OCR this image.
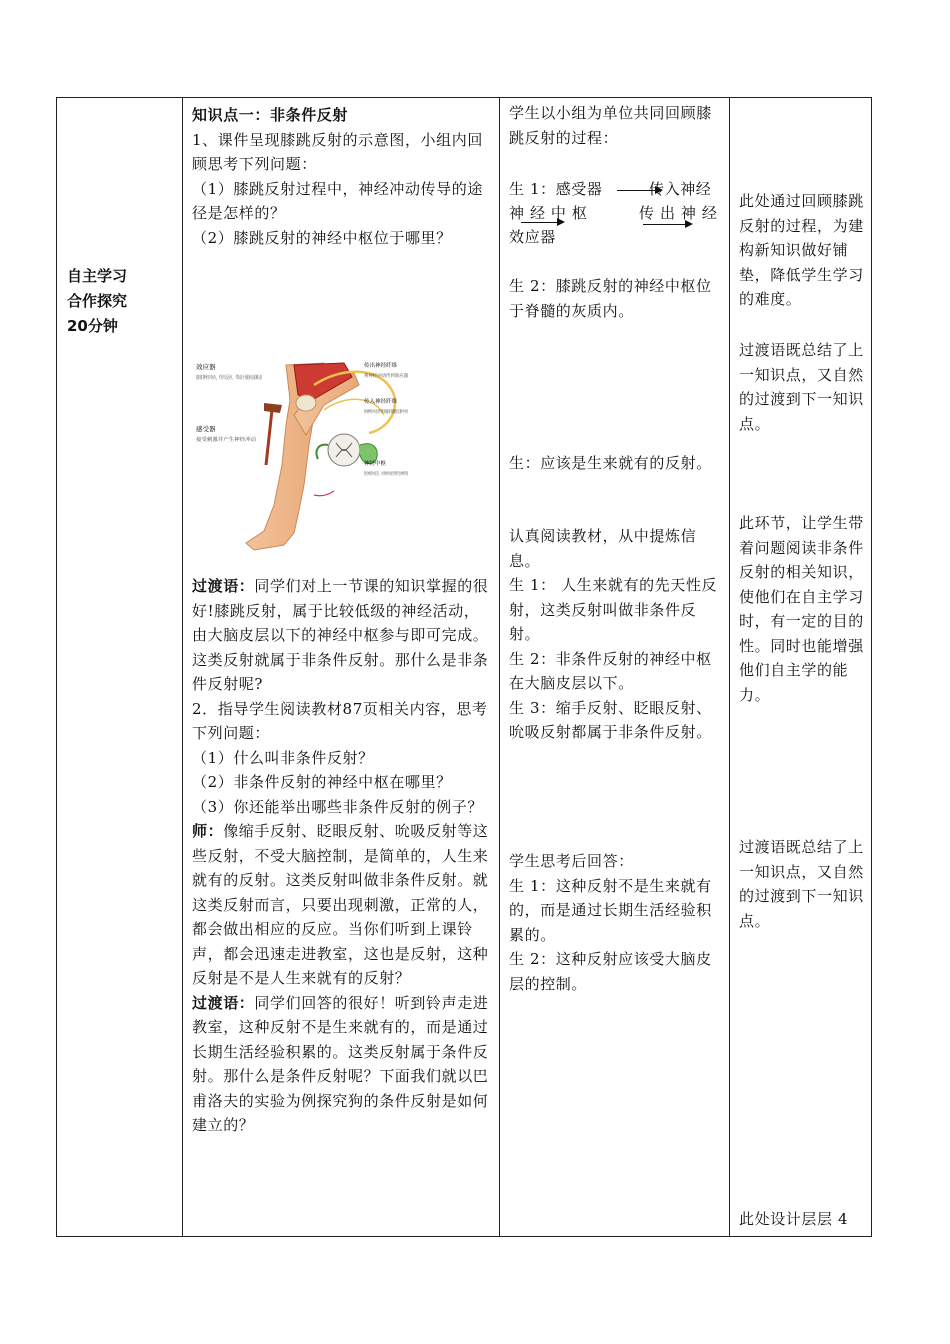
自主学习
合作探究
20分钟

知识点一：非条件反射
1、课件呈现膝跳反射的示意图，小组内回顾思考下列问题：
（1）膝跳反射过程中，神经冲动传导的途径是怎样的？
（2）膝跳反射的神经中枢位于哪里？
效应器
接收神经冲动，作出反应，带动小腿向前跳动
感受器
接受刺激并产生神经冲动
传出神经纤维
将神经冲动传到效应器
传入神经纤维
将神经冲动传到脊髓的膝跳反射中枢
神经中枢
接受神经冲动信号，并将神经冲动传到传出神经纤维
过渡语：同学们对上一节课的知识掌握的很好!膝跳反射，属于比较低级的神经活动，由大脑皮层以下的神经中枢参与即可完成。这类反射就属于非条件反射。那什么是非条件反射呢?
2．指导学生阅读教材87页相关内容，思考下列问题：
（1）什么叫非条件反射？
（2）非条件反射的神经中枢在哪里？
（3）你还能举出哪些非条件反射的例子？
师：像缩手反射、眨眼反射、吮吸反射等这些反射，不受大脑控制，是简单的，人生来就有的反射。这类反射叫做非条件反射。就这类反射而言，只要出现刺激，正常的人，都会做出相应的反应。当你们听到上课铃声，都会迅速走进教室，这也是反射，这种反射是不是人生来就有的反射？
过渡语：同学们回答的很好！听到铃声走进教室，这种反射不是生来就有的，而是通过长期生活经验积累的。这类反射属于条件反射。那什么是条件反射呢？下面我们就以巴甫洛夫的实验为例探究狗的条件反射是如何建立的？

学生以小组为单位共同回顾膝跳反射的过程：
生 1：感受器	传入神经
神 经 中 枢	传 出 神 经
效应器
生 2：膝跳反射的神经中枢位于脊髓的灰质内。
生：应该是生来就有的反射。
认真阅读教材，从中提炼信息。
生 1： 人生来就有的先天性反射，这类反射叫做非条件反射。
生 2：非条件反射的神经中枢在大脑皮层以下。
生 3：缩手反射、眨眼反射、吮吸反射都属于非条件反射。
学生思考后回答：
生 1：这种反射不是生来就有的，而是通过长期生活经验积累的。
生 2：这种反射应该受大脑皮层的控制。

此处通过回顾膝跳反射的过程，为建构新知识做好铺垫，降低学生学习的难度。
过渡语既总结了上一知识点，又自然的过渡到下一知识点。
此环节，让学生带着问题阅读非条件反射的相关知识，使他们在自主学习时，有一定的目的性。同时也能增强他们自主学的能力。
过渡语既总结了上一知识点，又自然的过渡到下一知识点。
此处设计层层 4
